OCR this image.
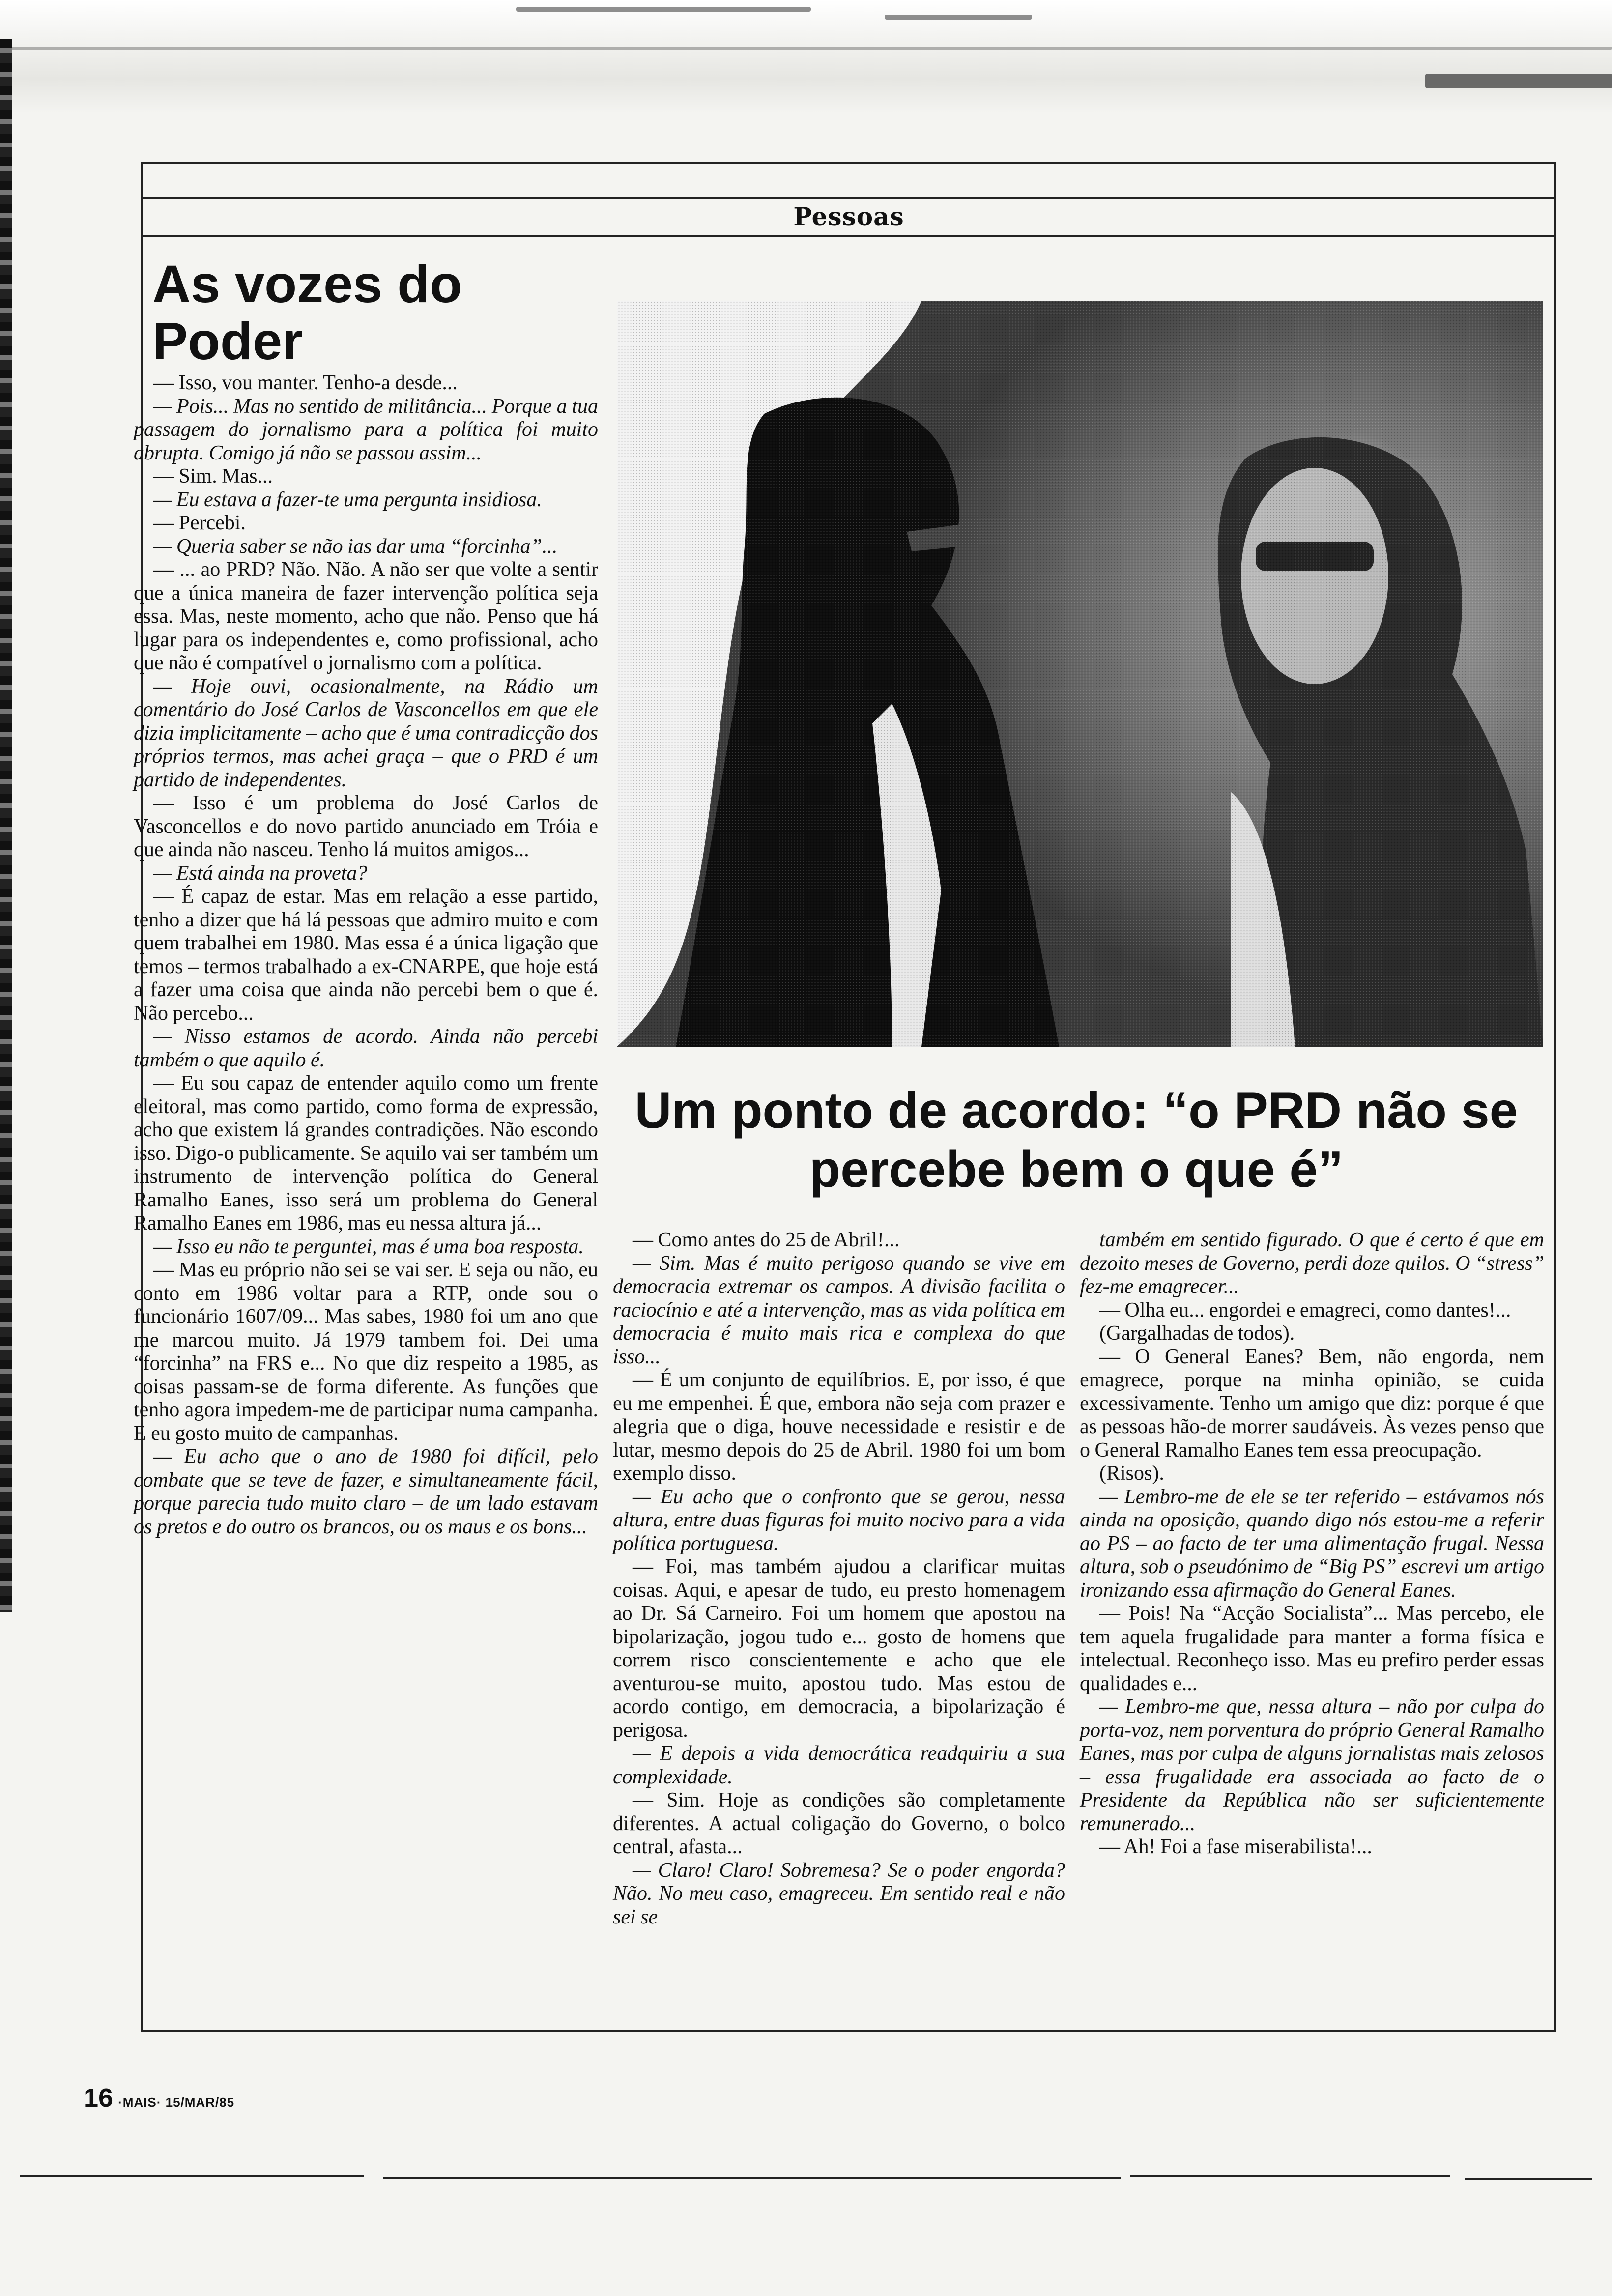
Pessoas
As vozes do Poder

— Isso, vou manter. Tenho-a desde...

— Pois... Mas no sentido de militância... Porque a tua passagem do jornalismo para a política foi muito abrupta. Comigo já não se passou assim...

— Sim. Mas...

— Eu estava a fazer-te uma pergunta insidiosa.

— Percebi.

— Queria saber se não ias dar uma “forcinha”...

— ... ao PRD? Não. Não. A não ser que volte a sentir que a única maneira de fazer intervenção política seja essa. Mas, neste momento, acho que não. Penso que há lugar para os independentes e, como profissional, acho que não é compatível o jornalismo com a política.

— Hoje ouvi, ocasionalmente, na Rádio um comentário do José Carlos de Vasconcellos em que ele dizia implicitamente – acho que é uma contradicção dos próprios termos, mas achei graça – que o PRD é um partido de independentes.

— Isso é um problema do José Carlos de Vasconcellos e do novo partido anunciado em Tróia e que ainda não nasceu. Tenho lá muitos amigos...

— Está ainda na proveta?

— É capaz de estar. Mas em relação a esse partido, tenho a dizer que há lá pessoas que admiro muito e com quem trabalhei em 1980. Mas essa é a única ligação que temos – termos trabalhado a ex-CNARPE, que hoje está a fazer uma coisa que ainda não percebi bem o que é. Não percebo...

— Nisso estamos de acordo. Ainda não percebi também o que aquilo é.

— Eu sou capaz de entender aquilo como um frente eleitoral, mas como partido, como forma de expressão, acho que existem lá grandes contradições. Não escondo isso. Digo-o publicamente. Se aquilo vai ser também um instrumento de intervenção política do General Ramalho Eanes, isso será um problema do General Ramalho Eanes em 1986, mas eu nessa altura já...

— Isso eu não te perguntei, mas é uma boa resposta.

— Mas eu próprio não sei se vai ser. E seja ou não, eu conto em 1986 voltar para a RTP, onde sou o funcionário 1607/09... Mas sabes, 1980 foi um ano que me marcou muito. Já 1979 tambem foi. Dei uma “forcinha” na FRS e... No que diz respeito a 1985, as coisas passam-se de forma diferente. As funções que tenho agora impedem-me de participar numa campanha. E eu gosto muito de campanhas.

— Eu acho que o ano de 1980 foi difícil, pelo combate que se teve de fazer, e simultaneamente fácil, porque parecia tudo muito claro – de um lado estavam os pretos e do outro os brancos, ou os maus e os bons...

Um ponto de acordo: “o PRD não se percebe bem o que é”

— Como antes do 25 de Abril!...

— Sim. Mas é muito perigoso quando se vive em democracia extremar os campos. A divisão facilita o raciocínio e até a intervenção, mas as vida política em democracia é muito mais rica e complexa do que isso...

— É um conjunto de equilíbrios. E, por isso, é que eu me empenhei. É que, embora não seja com prazer e alegria que o diga, houve necessidade e resistir e de lutar, mesmo depois do 25 de Abril. 1980 foi um bom exemplo disso.

— Eu acho que o confronto que se gerou, nessa altura, entre duas figuras foi muito nocivo para a vida política portuguesa.

— Foi, mas também ajudou a clarificar muitas coisas. Aqui, e apesar de tudo, eu presto homenagem ao Dr. Sá Carneiro. Foi um homem que apostou na bipolarização, jogou tudo e... gosto de homens que correm risco conscientemente e acho que ele aventurou-se muito, apostou tudo. Mas estou de acordo contigo, em democracia, a bipolarização é perigosa.

— E depois a vida democrática readquiriu a sua complexidade.

— Sim. Hoje as condições são completamente diferentes. A actual coligação do Governo, o bolco central, afasta...

— Claro! Claro! Sobremesa? Se o poder engorda? Não. No meu caso, emagreceu. Em sentido real e não sei se

também em sentido figurado. O que é certo é que em dezoito meses de Governo, perdi doze quilos. O “stress” fez-me emagrecer...

— Olha eu... engordei e emagreci, como dantes!...

(Gargalhadas de todos).

— O General Eanes? Bem, não engorda, nem emagrece, porque na minha opinião, se cuida excessivamente. Tenho um amigo que diz: porque é que as pessoas hão-de morrer saudáveis. Às vezes penso que o General Ramalho Eanes tem essa preocupação.

(Risos).

— Lembro-me de ele se ter referido – estávamos nós ainda na oposição, quando digo nós estou-me a referir ao PS – ao facto de ter uma alimentação frugal. Nessa altura, sob o pseudónimo de “Big PS” escrevi um artigo ironizando essa afirmação do General Eanes.

— Pois! Na “Acção Socialista”... Mas percebo, ele tem aquela frugalidade para manter a forma física e intelectual. Reconheço isso. Mas eu prefiro perder essas qualidades e...

— Lembro-me que, nessa altura – não por culpa do porta-voz, nem porventura do próprio General Ramalho Eanes, mas por culpa de alguns jornalistas mais zelosos – essa frugalidade era associada ao facto de o Presidente da República não ser suficientemente remunerado...

— Ah! Foi a fase miserabilista!...

16 ·MAIS· 15/MAR/85
